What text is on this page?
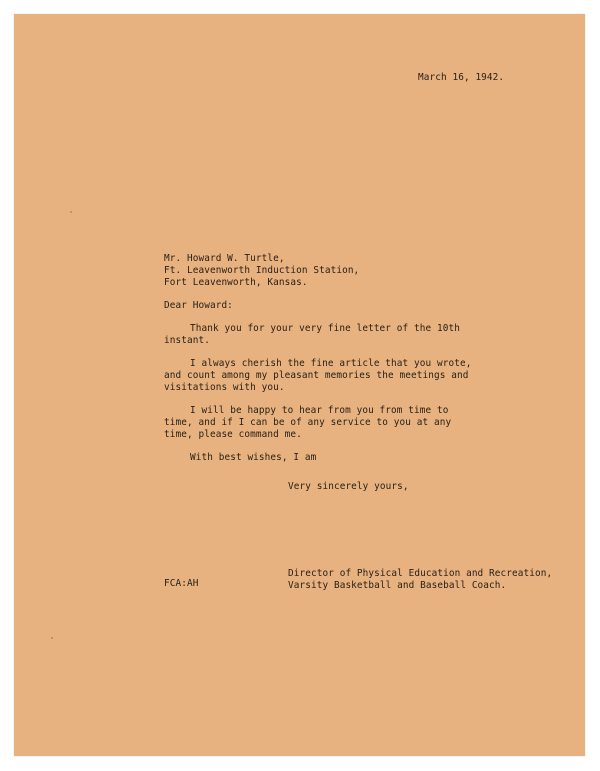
March 16, 1942.
Mr. Howard W. Turtle,
Ft. Leavenworth Induction Station,
Fort Leavenworth, Kansas.
Dear Howard:
Thank you for your very fine letter of the 10th
instant.
I always cherish the fine article that you wrote,
and count among my pleasant memories the meetings and
visitations with you.
I will be happy to hear from you from time to
time, and if I can be of any service to you at any
time, please command me.
With best wishes, I am
Very sincerely yours,
FCA:AH
Director of Physical Education and Recreation,
Varsity Basketball and Baseball Coach.
